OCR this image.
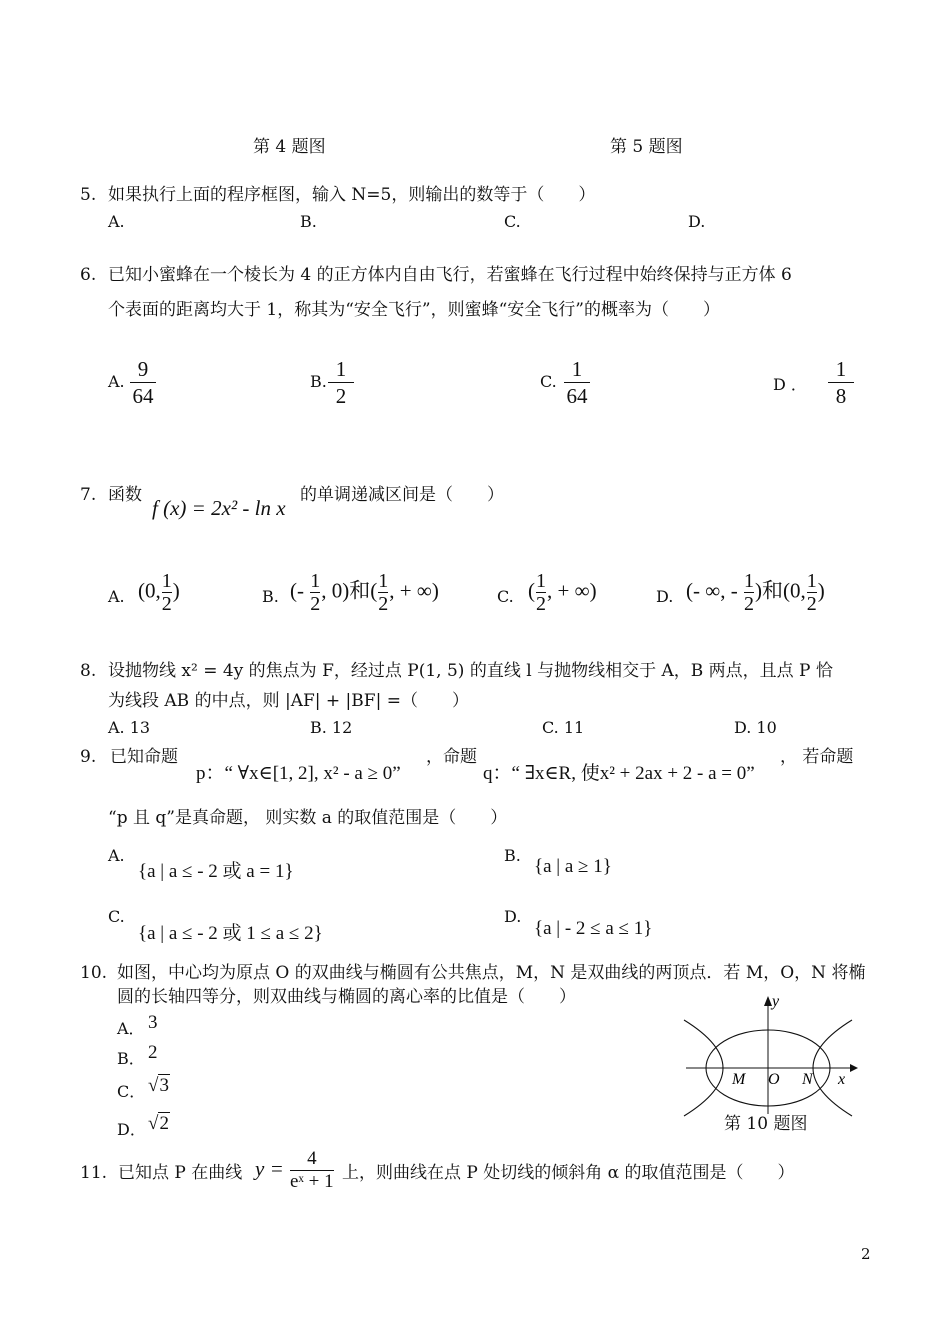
第 4 题图	第 5 题图
5. 如果执行上面的程序框图，输入 N=5，则输出的数等于（　　）
A.	B.	C.	D.
6. 已知小蜜蜂在一个棱长为 4 的正方体内自由飞行，若蜜蜂在飞行过程中始终保持与正方体 6
个表面的距离均大于 1，称其为“安全飞行”，则蜜蜂“安全飞行”的概率为（　　）
A.
9
64
B.
1
2
C.
1
64	D ．
1
8
7. 函数
f (x) = 2x² - ln x
的单调递减区间是（　　）
A. (0, $\frac{1}{2}$ )	B. (- $\frac{1}{2}$ , 0)和( $\frac{1}{2}$ , + ∞)	C. ( $\frac{1}{2}$ , + ∞)	D. (- ∞, - $\frac{1}{2}$ )和(0, $\frac{1}{2}$ )
8. 设抛物线 x² = 4y 的焦点为 F，经过点 P(1, 5) 的直线 l 与抛物线相交于 A，B 两点，且点 P 恰
为线段 AB 的中点，则 |AF| + |BF| =（　　）
A. 13	B. 12	C. 11	D. 10
9. 已知命题
p：“ ∀x∈[1, 2], x² - a ≥ 0”
，命题
q：“ ∃x∈R, 使x² + 2ax + 2 - a = 0”
， 若命题
“p 且 q”是真命题， 则实数 a 的取值范围是（　　）
A.
{a | a ≤ - 2 或 a = 1}
B.
{a | a ≥ 1}
C.
{a | a ≤ - 2 或 1 ≤ a ≤ 2}
D.
{a | - 2 ≤ a ≤ 1}
10. 如图，中心均为原点 O 的双曲线与椭圆有公共焦点，M，N 是双曲线的两顶点．若 M，O，N 将椭
圆的长轴四等分，则双曲线与椭圆的离心率的比值是（　　）
A． 3
B． 2
C． √3
D． √2
y
x
M O N
第 10 题图
11. 已知点 P 在曲线 $y = \frac{4}{\text{eˣ + 1}}$ 上，则曲线在点 P 处切线的倾斜角 α 的取值范围是（　　）
2
